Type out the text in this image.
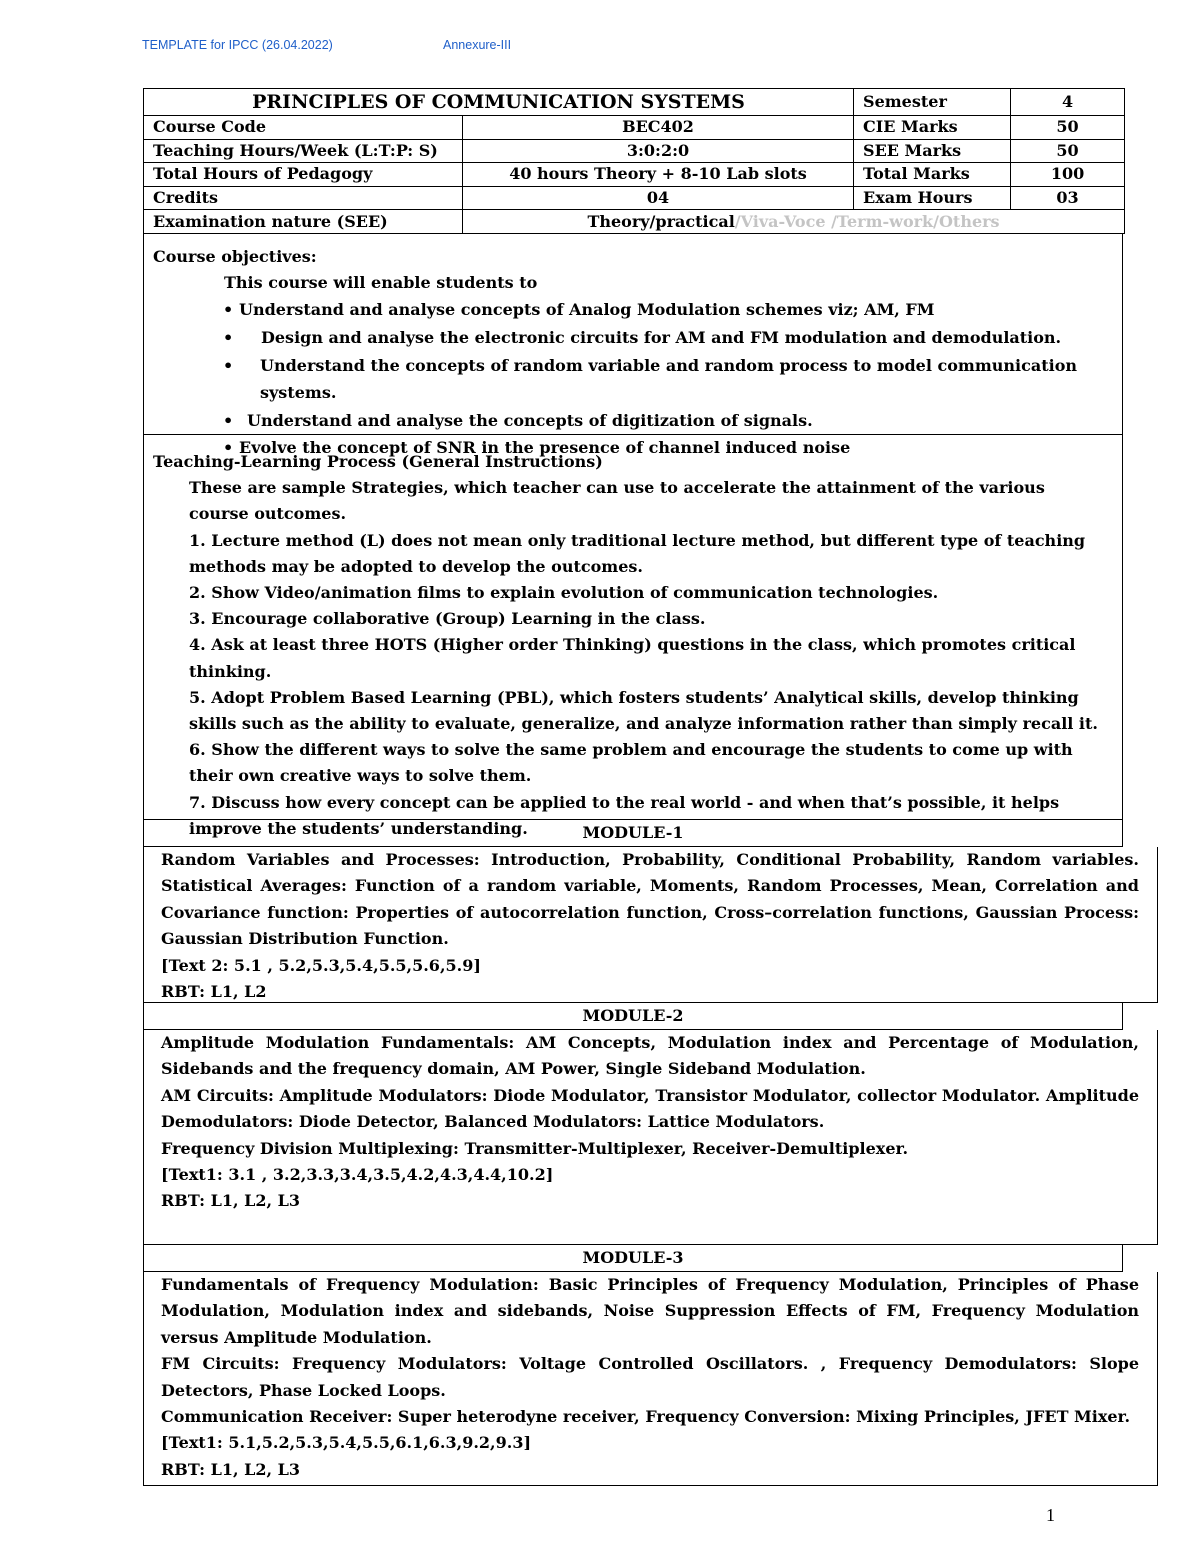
TEMPLATE for IPCC (26.04.2022)	Annexure-III
PRINCIPLES OF COMMUNICATION SYSTEMS		Semester	4
Course Code	BEC402	CIE Marks	50
Teaching Hours/Week (L:T:P: S)	3:0:2:0	SEE Marks	50
Total Hours of Pedagogy	40 hours Theory + 8-10 Lab slots	Total Marks	100
Credits	04	Exam Hours	03
Examination nature (SEE)	Theory/practical/Viva-Voce /Term-work/Others		
Course objectives:
This course will enable students to
• Understand and analyse concepts of Analog Modulation schemes viz; AM, FM
• Design and analyse the electronic circuits for AM and FM modulation and demodulation.
• Understand the concepts of random variable and random process to model communication systems.
• Understand and analyse the concepts of digitization of signals.
• Evolve the concept of SNR in the presence of channel induced noise
Teaching-Learning Process (General Instructions)
These are sample Strategies, which teacher can use to accelerate the attainment of the various course outcomes.
1. Lecture method (L) does not mean only traditional lecture method, but different type of teaching methods may be adopted to develop the outcomes.
2. Show Video/animation films to explain evolution of communication technologies.
3. Encourage collaborative (Group) Learning in the class.
4. Ask at least three HOTS (Higher order Thinking) questions in the class, which promotes critical thinking.
5. Adopt Problem Based Learning (PBL), which fosters students’ Analytical skills, develop thinking skills such as the ability to evaluate, generalize, and analyze information rather than simply recall it.
6. Show the different ways to solve the same problem and encourage the students to come up with their own creative ways to solve them.
7. Discuss how every concept can be applied to the real world - and when that’s possible, it helps improve the students’ understanding.	MODULE-1
Random Variables and Processes: Introduction, Probability, Conditional Probability, Random variables. Statistical Averages: Function of a random variable, Moments, Random Processes, Mean, Correlation and Covariance function: Properties of autocorrelation function, Cross–correlation functions, Gaussian Process: Gaussian Distribution Function.
[Text 2: 5.1 , 5.2,5.3,5.4,5.5,5.6,5.9]
RBT: L1, L2
MODULE-2
Amplitude Modulation Fundamentals: AM Concepts, Modulation index and Percentage of Modulation, Sidebands and the frequency domain, AM Power, Single Sideband Modulation.
AM Circuits: Amplitude Modulators: Diode Modulator, Transistor Modulator, collector Modulator. Amplitude Demodulators: Diode Detector, Balanced Modulators: Lattice Modulators.
Frequency Division Multiplexing: Transmitter-Multiplexer, Receiver-Demultiplexer.
[Text1: 3.1 , 3.2,3.3,3.4,3.5,4.2,4.3,4.4,10.2]
RBT: L1, L2, L3
MODULE-3
Fundamentals of Frequency Modulation: Basic Principles of Frequency Modulation, Principles of Phase Modulation, Modulation index and sidebands, Noise Suppression Effects of FM, Frequency Modulation versus Amplitude Modulation.
FM Circuits: Frequency Modulators: Voltage Controlled Oscillators. , Frequency Demodulators: Slope Detectors, Phase Locked Loops.
Communication Receiver: Super heterodyne receiver, Frequency Conversion: Mixing Principles, JFET Mixer.
[Text1: 5.1,5.2,5.3,5.4,5.5,6.1,6.3,9.2,9.3]
RBT: L1, L2, L3
1
